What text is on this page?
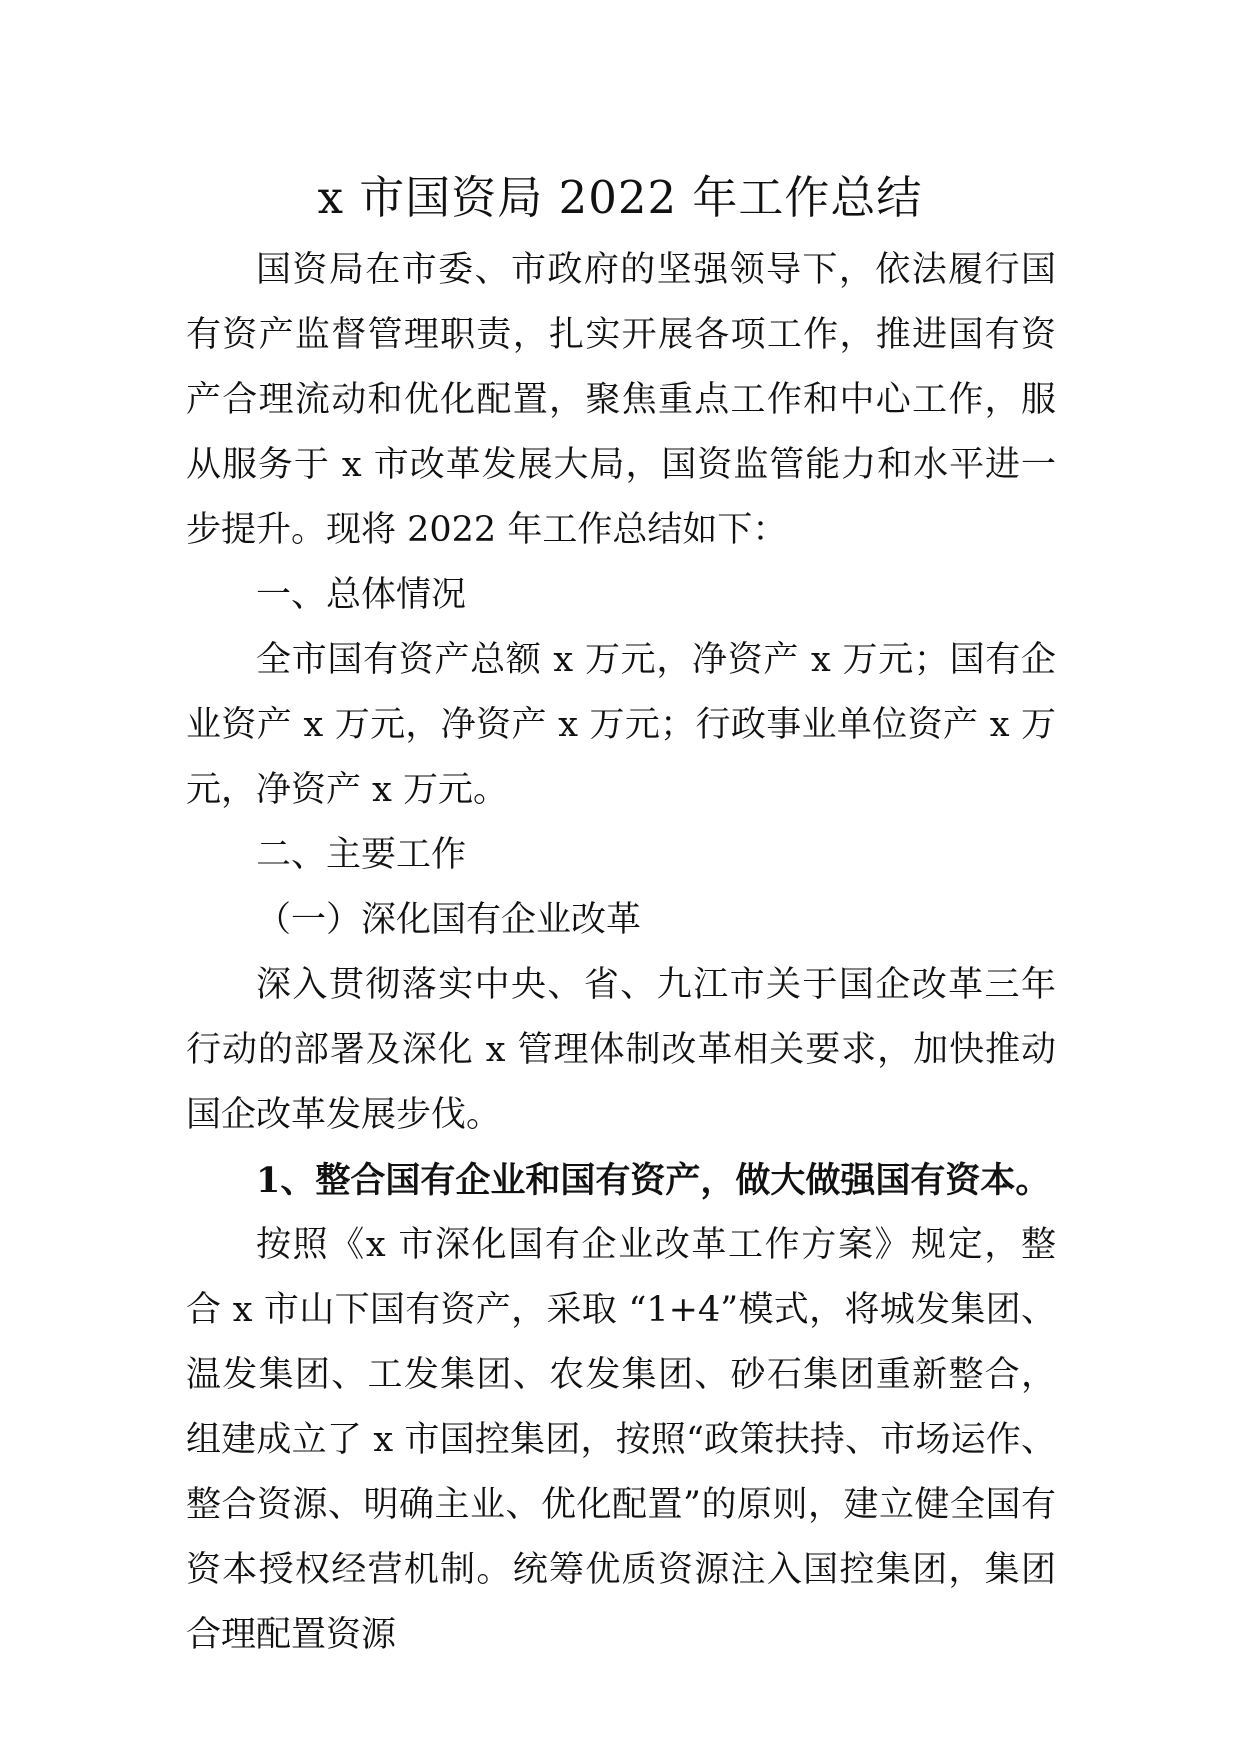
x 市国资局 2022 年工作总结

国资局在市委、市政府的坚强领导下，依法履行国有资产监督管理职责，扎实开展各项工作，推进国有资产合理流动和优化配置，聚焦重点工作和中心工作，服从服务于 x 市改革发展大局，国资监管能力和水平进一步提升。现将 2022 年工作总结如下：

一、总体情况

全市国有资产总额 x 万元，净资产 x 万元；国有企业资产 x 万元，净资产 x 万元；行政事业单位资产 x 万元，净资产 x 万元。

二、主要工作

（一）深化国有企业改革

深入贯彻落实中央、省、九江市关于国企改革三年行动的部署及深化 x 管理体制改革相关要求，加快推动国企改革发展步伐。

1、整合国有企业和国有资产，做大做强国有资本。

按照《x 市深化国有企业改革工作方案》规定，整合 x 市山下国有资产，采取 “1+4”模式，将城发集团、温发集团、工发集团、农发集团、砂石集团重新整合，组建成立了 x 市国控集团，按照“政策扶持、市场运作、整合资源、明确主业、优化配置”的原则，建立健全国有资本授权经营机制。统筹优质资源注入国控集团，集团合理配置资源
